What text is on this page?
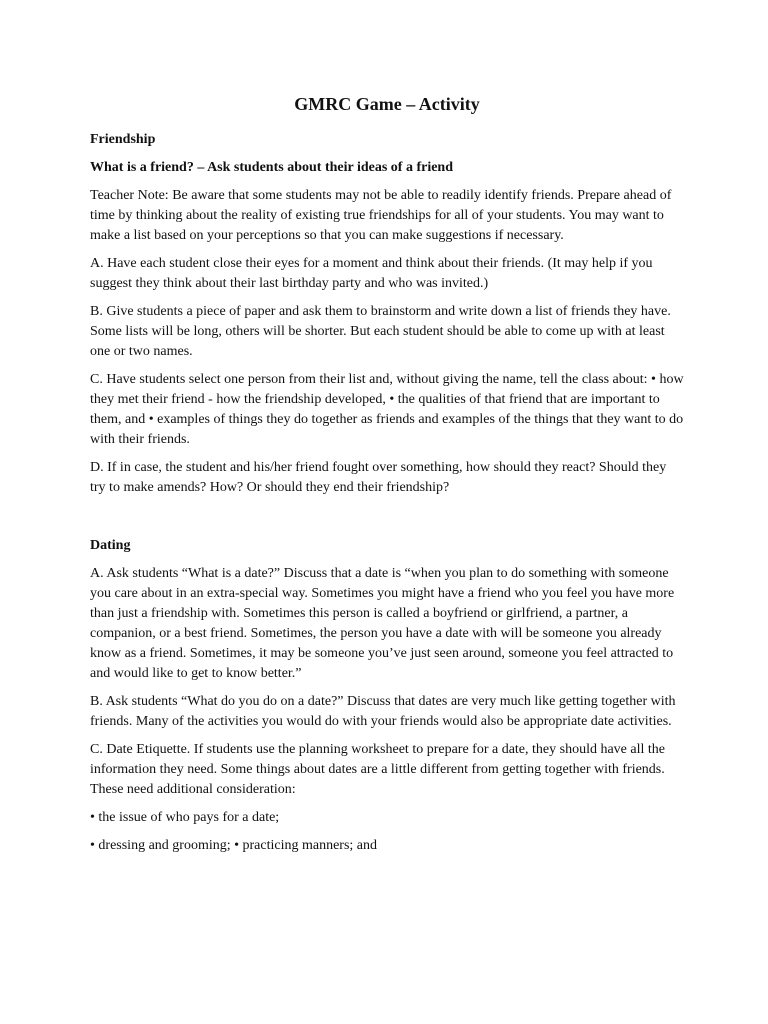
GMRC Game – Activity
Friendship
What is a friend? – Ask students about their ideas of a friend

Teacher Note: Be aware that some students may not be able to readily identify friends. Prepare ahead of time by thinking about the reality of existing true friendships for all of your students. You may want to make a list based on your perceptions so that you can make suggestions if necessary.

A. Have each student close their eyes for a moment and think about their friends. (It may help if you suggest they think about their last birthday party and who was invited.)

B. Give students a piece of paper and ask them to brainstorm and write down a list of friends they have. Some lists will be long, others will be shorter. But each student should be able to come up with at least one or two names.

C. Have students select one person from their list and, without giving the name, tell the class about: • how they met their friend - how the friendship developed, • the qualities of that friend that are important to them, and • examples of things they do together as friends and examples of the things that they want to do with their friends.

D. If in case, the student and his/her friend fought over something, how should they react? Should they try to make amends? How? Or should they end their friendship?

Dating

A. Ask students “What is a date?” Discuss that a date is “when you plan to do something with someone you care about in an extra-special way. Sometimes you might have a friend who you feel you have more than just a friendship with. Sometimes this person is called a boyfriend or girlfriend, a partner, a companion, or a best friend. Sometimes, the person you have a date with will be someone you already know as a friend. Sometimes, it may be someone you’ve just seen around, someone you feel attracted to and would like to get to know better.”

B. Ask students “What do you do on a date?” Discuss that dates are very much like getting together with friends. Many of the activities you would do with your friends would also be appropriate date activities.

C. Date Etiquette. If students use the planning worksheet to prepare for a date, they should have all the information they need. Some things about dates are a little different from getting together with friends. These need additional consideration:

• the issue of who pays for a date;

• dressing and grooming; • practicing manners; and
